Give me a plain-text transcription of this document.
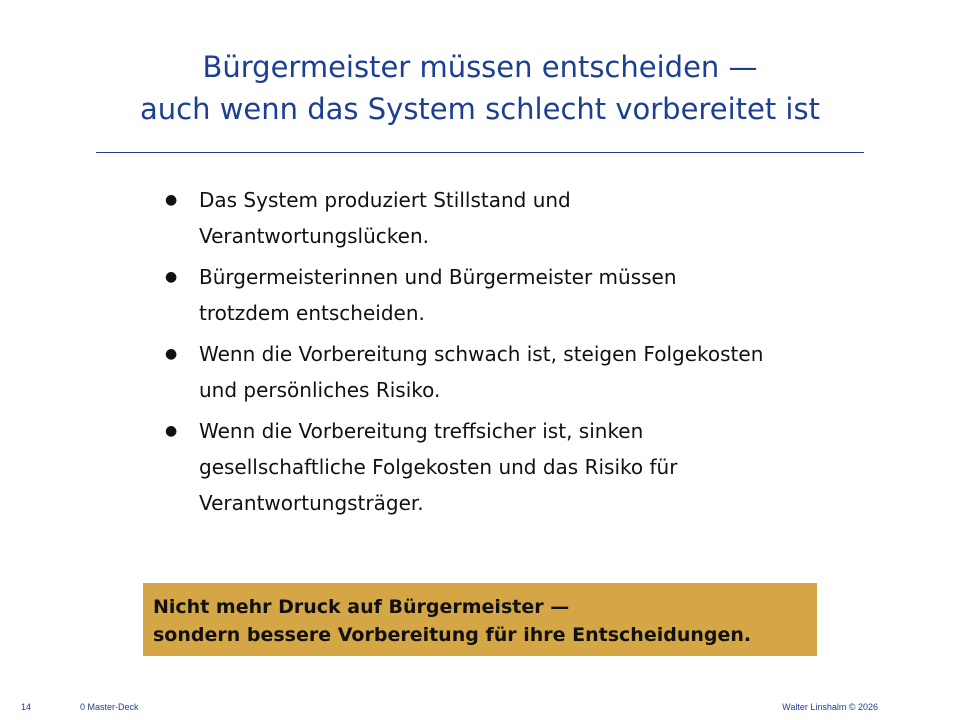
Bürgermeister müssen entscheiden —
auch wenn das System schlecht vorbereitet ist
● Das System produziert Stillstand und
Verantwortungslücken.
● Bürgermeisterinnen und Bürgermeister müssen
trotzdem entscheiden.
● Wenn die Vorbereitung schwach ist, steigen Folgekosten
und persönliches Risiko.
● Wenn die Vorbereitung treffsicher ist, sinken
gesellschaftliche Folgekosten und das Risiko für
Verantwortungsträger.
Nicht mehr Druck auf Bürgermeister —
sondern bessere Vorbereitung für ihre Entscheidungen.
14	0 Master-Deck	Walter Linshalm © 2026
